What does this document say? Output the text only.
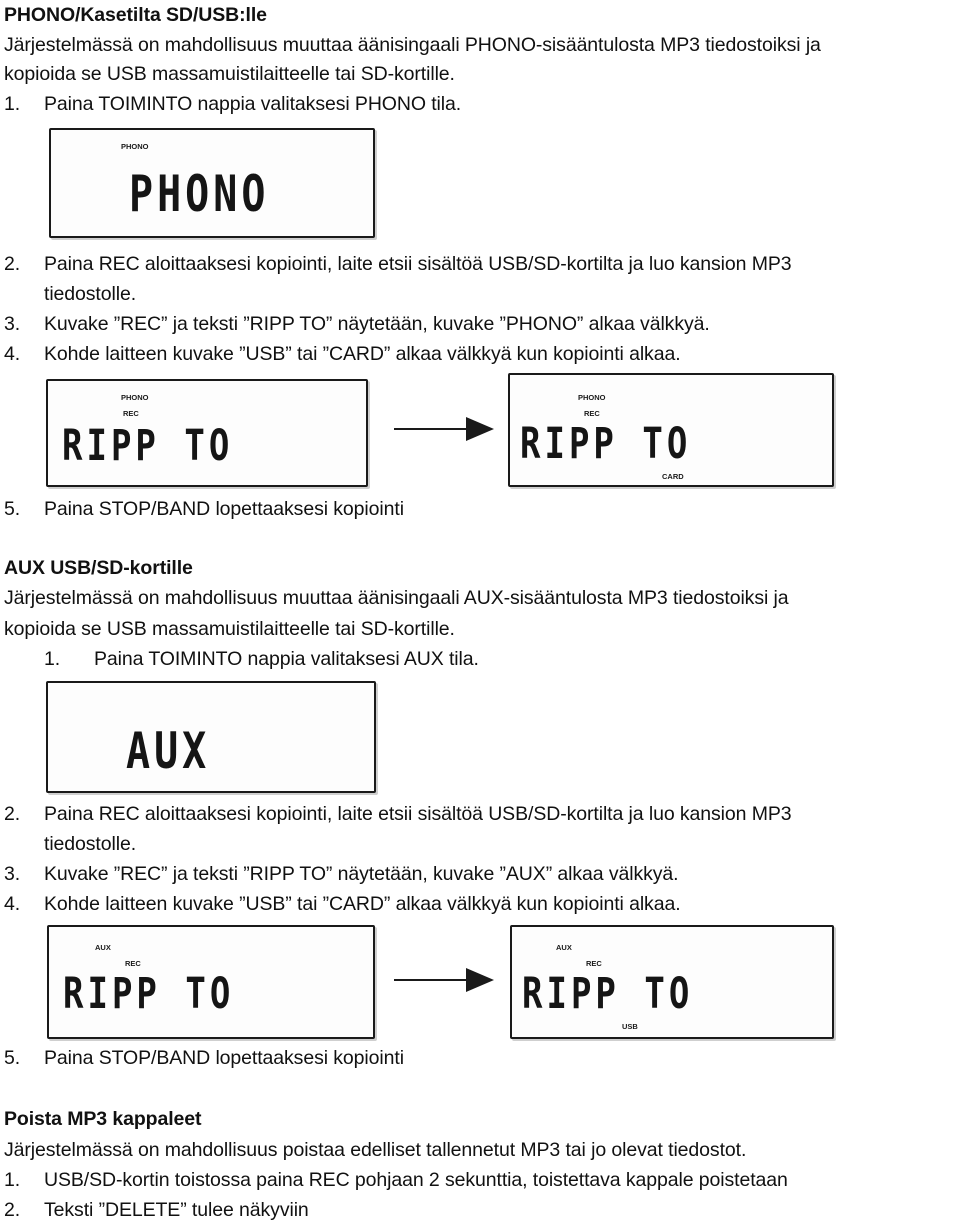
PHONO/Kasetilta SD/USB:lle
Järjestelmässä on mahdollisuus muuttaa äänisingaali PHONO-sisääntulosta MP3 tiedostoiksi ja
kopioida se USB massamuistilaitteelle tai SD-kortille.
1. Paina TOIMINTO nappia valitaksesi PHONO tila.
PHONO
PHONO
2. Paina REC aloittaaksesi kopiointi, laite etsii sisältöä USB/SD-kortilta ja luo kansion MP3
tiedostolle.
3. Kuvake ”REC” ja teksti ”RIPP TO” näytetään, kuvake ”PHONO” alkaa välkkyä.
4. Kohde laitteen kuvake ”USB” tai ”CARD” alkaa välkkyä kun kopiointi alkaa.
PHONO
REC
RIPP TO
PHONO
REC
RIPP TO
CARD
5. Paina STOP/BAND lopettaaksesi kopiointi
AUX USB/SD-kortille
Järjestelmässä on mahdollisuus muuttaa äänisingaali AUX-sisääntulosta MP3 tiedostoiksi ja
kopioida se USB massamuistilaitteelle tai SD-kortille.
1. Paina TOIMINTO nappia valitaksesi AUX tila.
AUX
2. Paina REC aloittaaksesi kopiointi, laite etsii sisältöä USB/SD-kortilta ja luo kansion MP3
tiedostolle.
3. Kuvake ”REC” ja teksti ”RIPP TO” näytetään, kuvake ”AUX” alkaa välkkyä.
4. Kohde laitteen kuvake ”USB” tai ”CARD” alkaa välkkyä kun kopiointi alkaa.
AUX
REC
RIPP TO
AUX
REC
RIPP TO
USB
5. Paina STOP/BAND lopettaaksesi kopiointi
Poista MP3 kappaleet
Järjestelmässä on mahdollisuus poistaa edelliset tallennetut MP3 tai jo olevat tiedostot.
1. USB/SD-kortin toistossa paina REC pohjaan 2 sekunttia, toistettava kappale poistetaan
2. Teksti ”DELETE” tulee näkyviin
